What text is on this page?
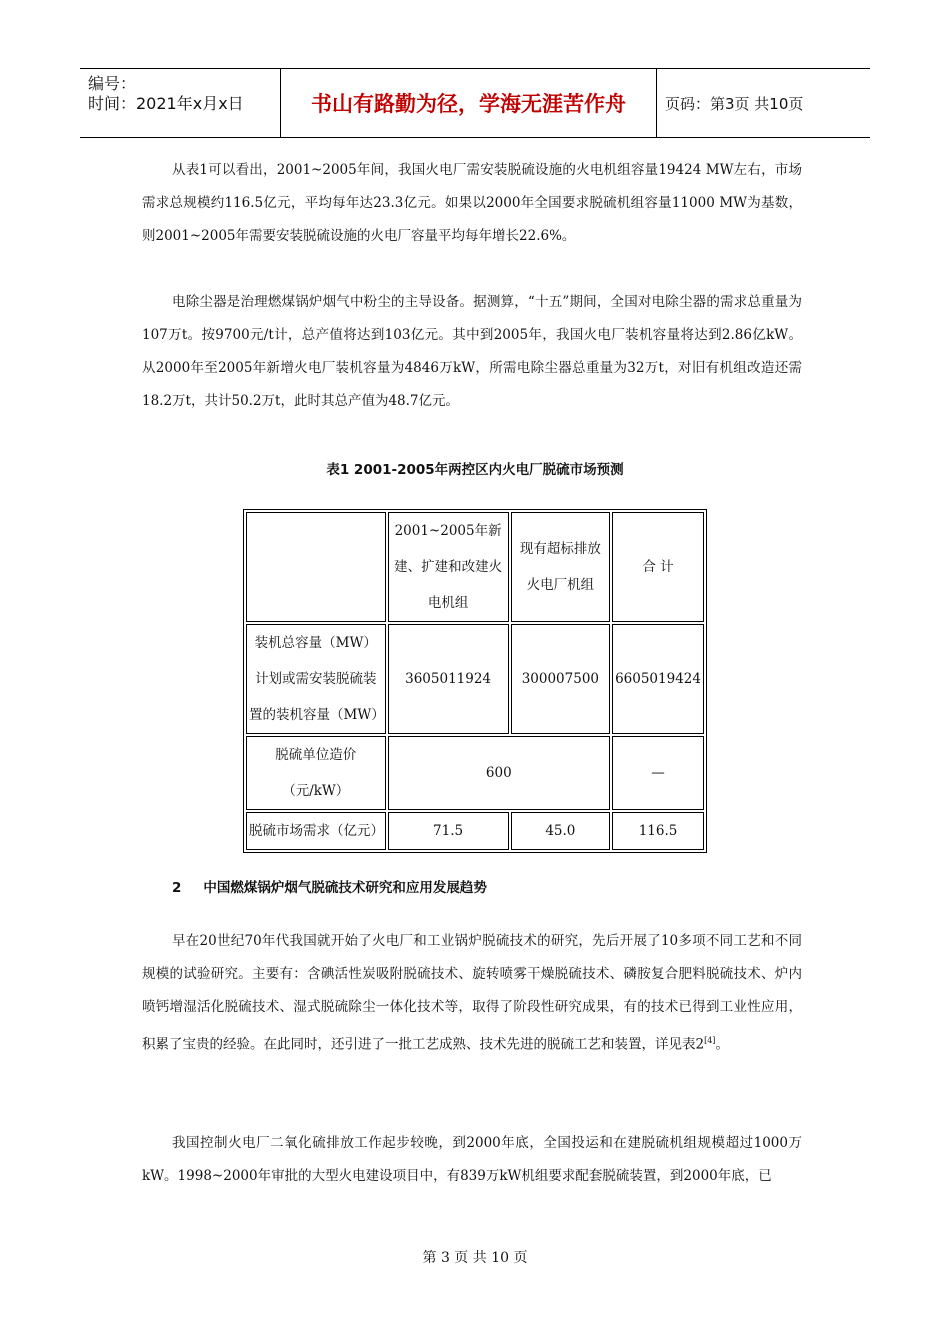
编号：
时间：2021年x月x日	书山有路勤为径，学海无涯苦作舟	页码：第3页 共10页

从表1可以看出，2001~2005年间，我国火电厂需安装脱硫设施的火电机组容量19424 MW左右，市场需求总规模约116.5亿元，平均每年达23.3亿元。如果以2000年全国要求脱硫机组容量11000 MW为基数，则2001~2005年需要安装脱硫设施的火电厂容量平均每年增长22.6%。

电除尘器是治理燃煤锅炉烟气中粉尘的主导设备。据测算，“十五”期间，全国对电除尘器的需求总重量为107万t。按9700元/t计，总产值将达到103亿元。其中到2005年，我国火电厂装机容量将达到2.86亿kW。从2000年至2005年新增火电厂装机容量为4846万kW，所需电除尘器总重量为32万t，对旧有机组改造还需18.2万t，共计50.2万t，此时其总产值为48.7亿元。

表1 2001-2005年两控区内火电厂脱硫市场预测
	2001~2005年新建、扩建和改建火电机组	现有超标排放火电厂机组	合 计
装机总容量（MW）计划或需安装脱硫装置的装机容量（MW）	3605011924	300007500	6605019424
脱硫单位造价（元/kW）	600		—
脱硫市场需求（亿元）	71.5	45.0	116.5
2 中国燃煤锅炉烟气脱硫技术研究和应用发展趋势

早在20世纪70年代我国就开始了火电厂和工业锅炉脱硫技术的研究，先后开展了10多项不同工艺和不同规模的试验研究。主要有：含碘活性炭吸附脱硫技术、旋转喷雾干燥脱硫技术、磷胺复合肥料脱硫技术、炉内喷钙增湿活化脱硫技术、湿式脱硫除尘一体化技术等，取得了阶段性研究成果，有的技术已得到工业性应用，积累了宝贵的经验。在此同时，还引进了一批工艺成熟、技术先进的脱硫工艺和装置，详见表2[4]。

我国控制火电厂二氧化硫排放工作起步较晚，到2000年底，全国投运和在建脱硫机组规模超过1000万kW。1998~2000年审批的大型火电建设项目中，有839万kW机组要求配套脱硫装置，到2000年底，已

第 3 页 共 10 页
